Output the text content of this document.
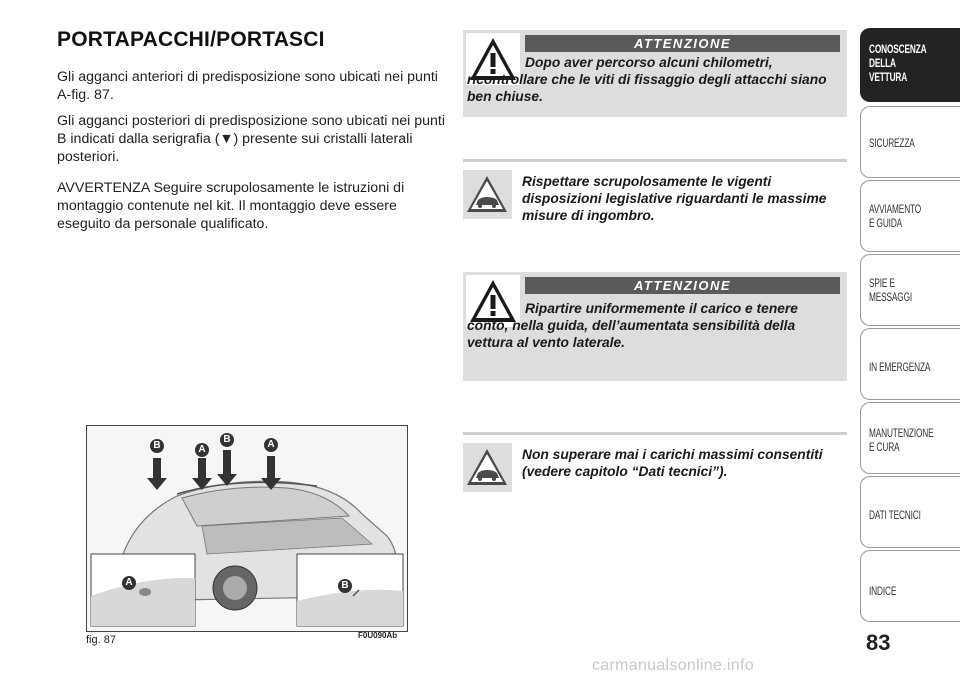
PORTAPACCHI/PORTASCI
Gli agganci anteriori di predisposizione sono ubicati nei punti A-fig. 87.
Gli agganci posteriori di predisposizione sono ubicati nei punti B indicati dalla serigrafia (▼) presente sui cristalli laterali posteriori.
AVVERTENZA Seguire scrupolosamente le istruzioni di montaggio contenute nel kit. Il montaggio deve essere eseguito da personale qualificato.
B	A
B	A
A	B
fig. 87	F0U090Ab
ATTENZIONE
Dopo aver percorso alcuni chilometri, ricontrollare che le viti di fissaggio degli attacchi siano ben chiuse.
Rispettare scrupolosamente le vigenti disposizioni legislative riguardanti le massime misure di ingombro.
ATTENZIONE
Ripartire uniformemente il carico e tenere conto, nella guida, dell’aumentata sensibilità della vettura al vento laterale.
Non superare mai i carichi massimi consentiti (vedere capitolo “Dati tecnici”).
CONOSCENZA
DELLA
VETTURA
SICUREZZA
AVVIAMENTO
E GUIDA
SPIE E
MESSAGGI
IN EMERGENZA
MANUTENZIONE
E CURA
DATI TECNICI
INDICE
83
carmanualsonline.info
